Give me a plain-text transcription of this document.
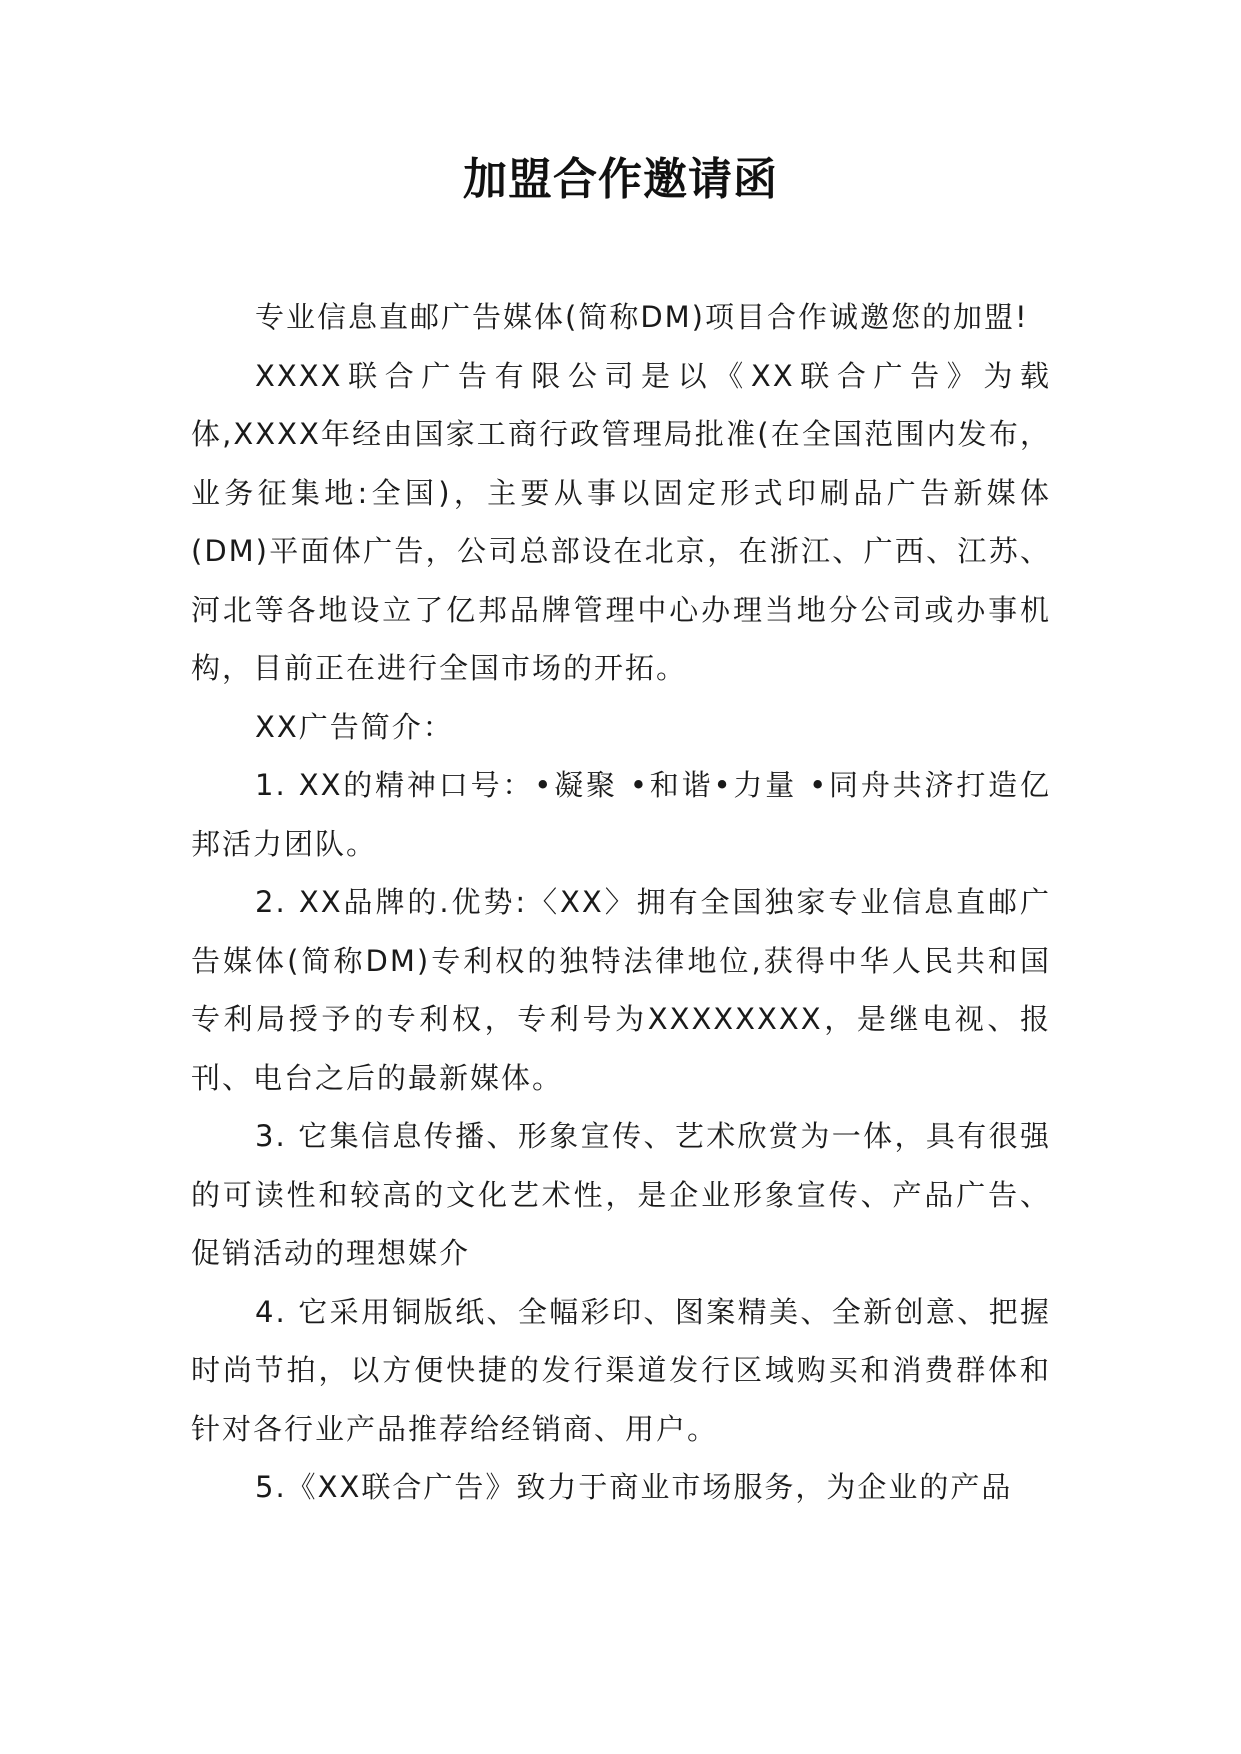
加盟合作邀请函

专业信息直邮广告媒体(简称DM)项目合作诚邀您的加盟!

XXXX联合广告有限公司是以《XX联合广告》为载体,XXXX年经由国家工商行政管理局批准(在全国范围内发布，业务征集地:全国)，主要从事以固定形式印刷品广告新媒体(DM)平面体广告，公司总部设在北京，在浙江、广西、江苏、河北等各地设立了亿邦品牌管理中心办理当地分公司或办事机构，目前正在进行全国市场的开拓。

XX广告简介：

1. XX的精神口号：•凝聚 •和谐•力量 •同舟共济打造亿邦活力团队。

2. XX品牌的.优势:〈XX〉拥有全国独家专业信息直邮广告媒体(简称DM)专利权的独特法律地位,获得中华人民共和国专利局授予的专利权，专利号为XXXXXXXX，是继电视、报刊、电台之后的最新媒体。

3. 它集信息传播、形象宣传、艺术欣赏为一体，具有很强的可读性和较高的文化艺术性，是企业形象宣传、产品广告、促销活动的理想媒介

4. 它采用铜版纸、全幅彩印、图案精美、全新创意、把握时尚节拍，以方便快捷的发行渠道发行区域购买和消费群体和针对各行业产品推荐给经销商、用户。

5.《XX联合广告》致力于商业市场服务，为企业的产品
